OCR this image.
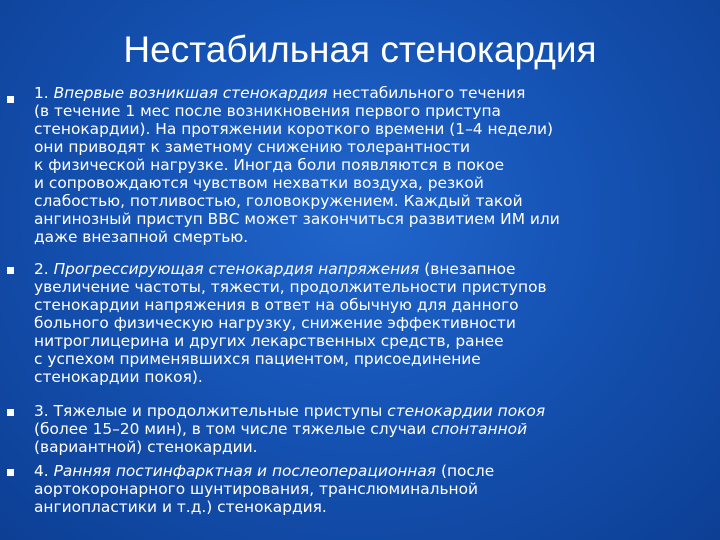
Нестабильная стенокардия
1. Впервые возникшая стенокардия нестабильного течения
(в течение 1 мес после возникновения первого приступа
стенокардии). На протяжении короткого времени (1–4 недели)
они приводят к заметному снижению толерантности
к физической нагрузке. Иногда боли появляются в покое
и сопровождаются чувством нехватки воздуха, резкой
слабостью, потливостью, головокружением. Каждый такой
ангинозный приступ ВВС может закончиться развитием ИМ или
даже внезапной смертью.
2. Прогрессирующая стенокардия напряжения (внезапное
увеличение частоты, тяжести, продолжительности приступов
стенокардии напряжения в ответ на обычную для данного
больного физическую нагрузку, снижение эффективности
нитроглицерина и других лекарственных средств, ранее
с успехом применявшихся пациентом, присоединение
стенокардии покоя).
3. Тяжелые и продолжительные приступы стенокардии покоя
(более 15–20 мин), в том числе тяжелые случаи спонтанной
(вариантной) стенокардии.
4. Ранняя постинфарктная и послеоперационная (после
аортокоронарного шунтирования, транслюминальной
ангиопластики и т.д.) стенокардия.
